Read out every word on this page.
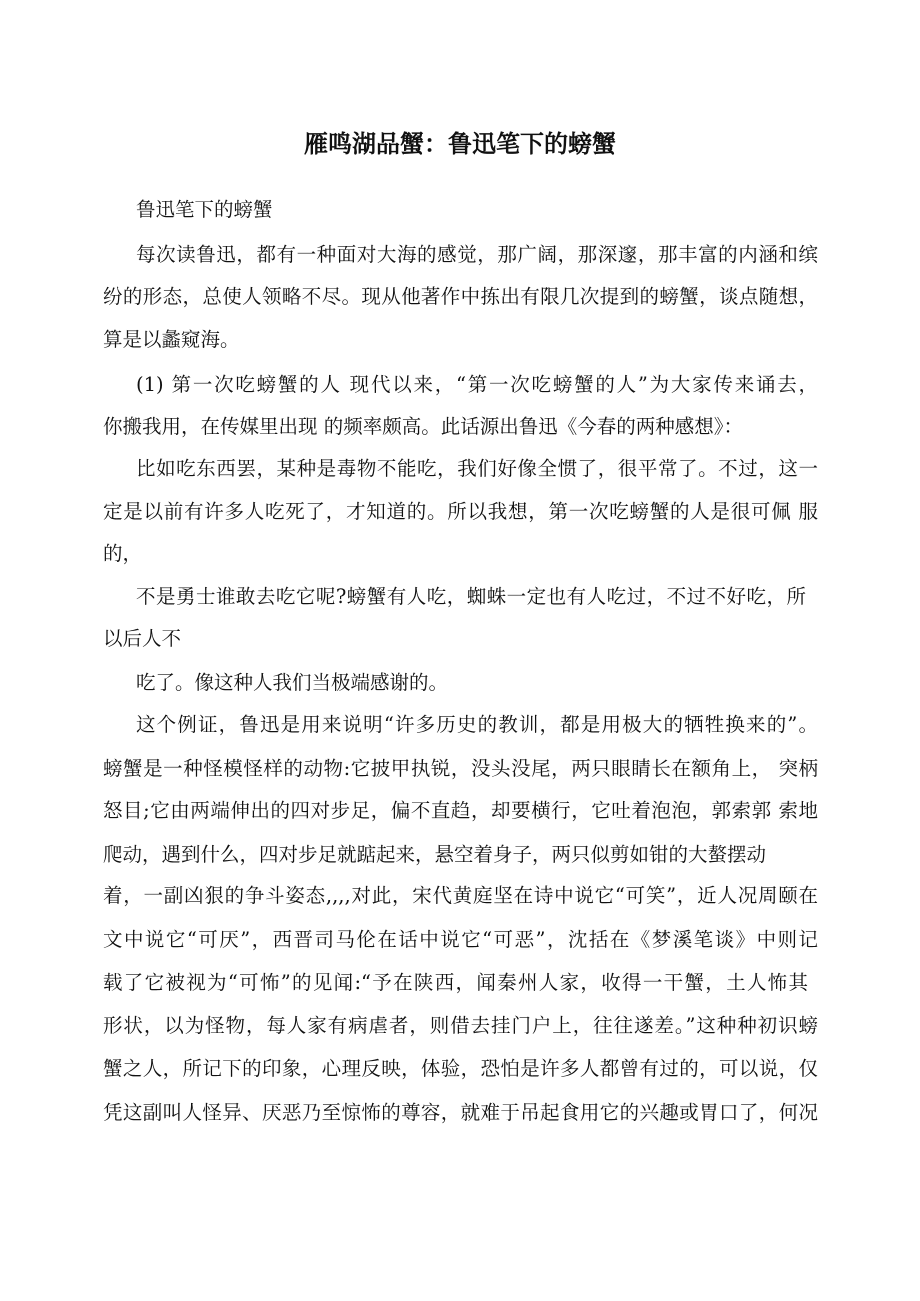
雁鸣湖品蟹：鲁迅笔下的螃蟹
鲁迅笔下的螃蟹
每次读鲁迅，都有一种面对大海的感觉，那广阔，那深邃，那丰富的内涵和缤
纷的形态，总使人领略不尽。现从他著作中拣出有限几次提到的螃蟹，谈点随想，
算是以蠡窥海。
(1) 第一次吃螃蟹的人 现代以来，“第一次吃螃蟹的人”为大家传来诵去，
你搬我用，在传媒里出现 的频率颇高。此话源出鲁迅《今春的两种感想》：
比如吃东西罢，某种是毒物不能吃，我们好像全惯了，很平常了。不过，这一
定是以前有许多人吃死了，才知道的。所以我想，第一次吃螃蟹的人是很可佩 服
的，
不是勇士谁敢去吃它呢?螃蟹有人吃，蜘蛛一定也有人吃过，不过不好吃，所
以后人不
吃了。像这种人我们当极端感谢的。
这个例证，鲁迅是用来说明“许多历史的教训，都是用极大的牺牲换来的”。
螃蟹是一种怪模怪样的动物:它披甲执锐，没头没尾，两只眼睛长在额角上， 突柄
怒目;它由两端伸出的四对步足，偏不直趋，却要横行，它吐着泡泡，郭索郭 索地
爬动，遇到什么，四对步足就踮起来，悬空着身子，两只似剪如钳的大螯摆动
着，一副凶狠的争斗姿态,,,,对此，宋代黄庭坚在诗中说它“可笑”，近人况周颐在
文中说它“可厌”，西晋司马伦在话中说它“可恶”，沈括在《梦溪笔谈》中则记
载了它被视为“可怖”的见闻:“予在陕西，闻秦州人家，收得一干蟹，土人怖其
形状，以为怪物，每人家有病虐者，则借去挂门户上，往往遂差。”这种种初识螃
蟹之人，所记下的印象，心理反映，体验，恐怕是许多人都曾有过的，可以说，仅
凭这副叫人怪异、厌恶乃至惊怖的尊容，就难于吊起食用它的兴趣或胃口了，何况
